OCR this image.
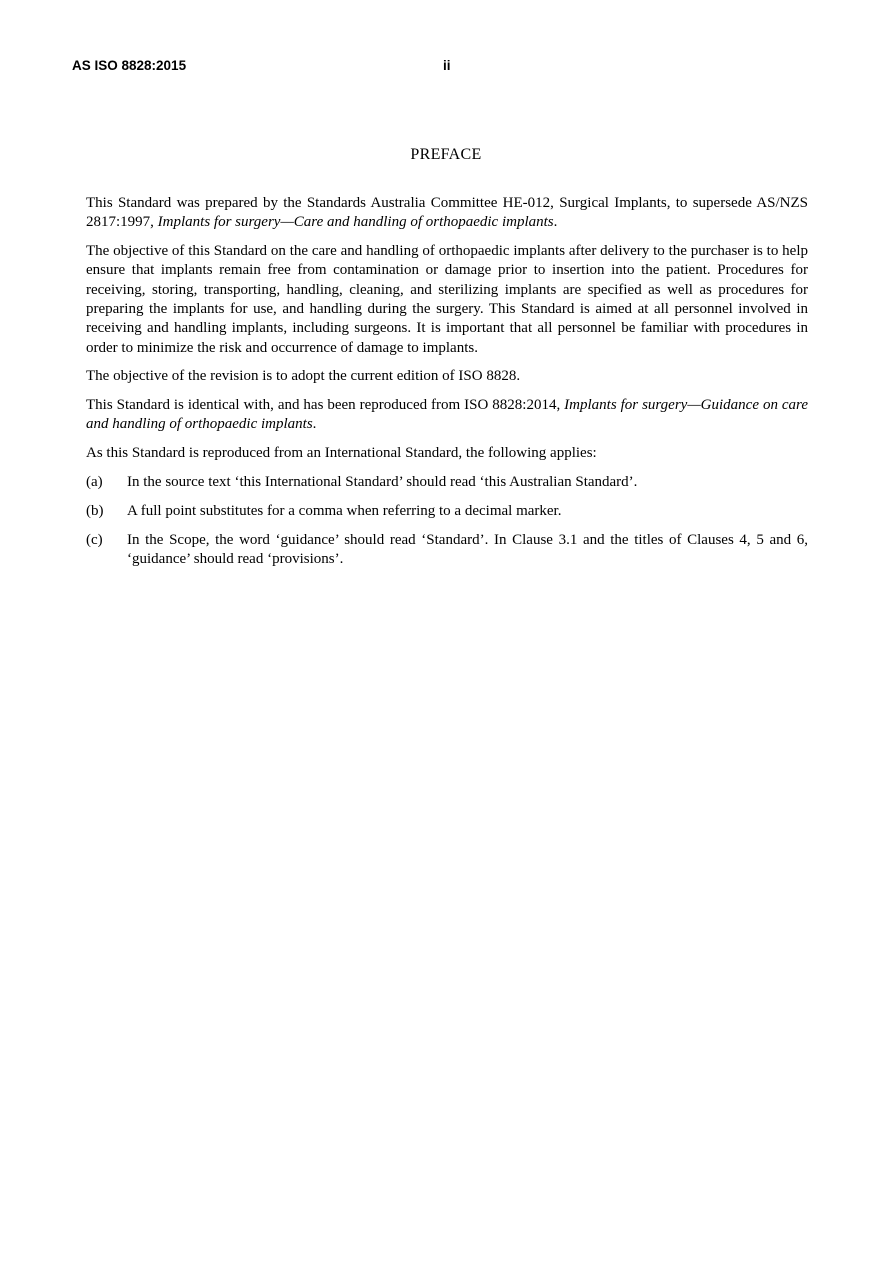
AS ISO 8828:2015	ii
PREFACE

This Standard was prepared by the Standards Australia Committee HE-012, Surgical Implants, to supersede AS/NZS 2817:1997, Implants for surgery—Care and handling of orthopaedic implants.

The objective of this Standard on the care and handling of orthopaedic implants after delivery to the purchaser is to help ensure that implants remain free from contamination or damage prior to insertion into the patient. Procedures for receiving, storing, transporting, handling, cleaning, and sterilizing implants are specified as well as procedures for preparing the implants for use, and handling during the surgery. This Standard is aimed at all personnel involved in receiving and handling implants, including surgeons. It is important that all personnel be familiar with procedures in order to minimize the risk and occurrence of damage to implants.

The objective of the revision is to adopt the current edition of ISO 8828.

This Standard is identical with, and has been reproduced from ISO 8828:2014, Implants for surgery—Guidance on care and handling of orthopaedic implants.

As this Standard is reproduced from an International Standard, the following applies:

(a)	In the source text ‘this International Standard’ should read ‘this Australian Standard’.
(b)	A full point substitutes for a comma when referring to a decimal marker.
(c)	In the Scope, the word ‘guidance’ should read ‘Standard’. In Clause 3.1 and the titles of Clauses 4, 5 and 6, ‘guidance’ should read ‘provisions’.
